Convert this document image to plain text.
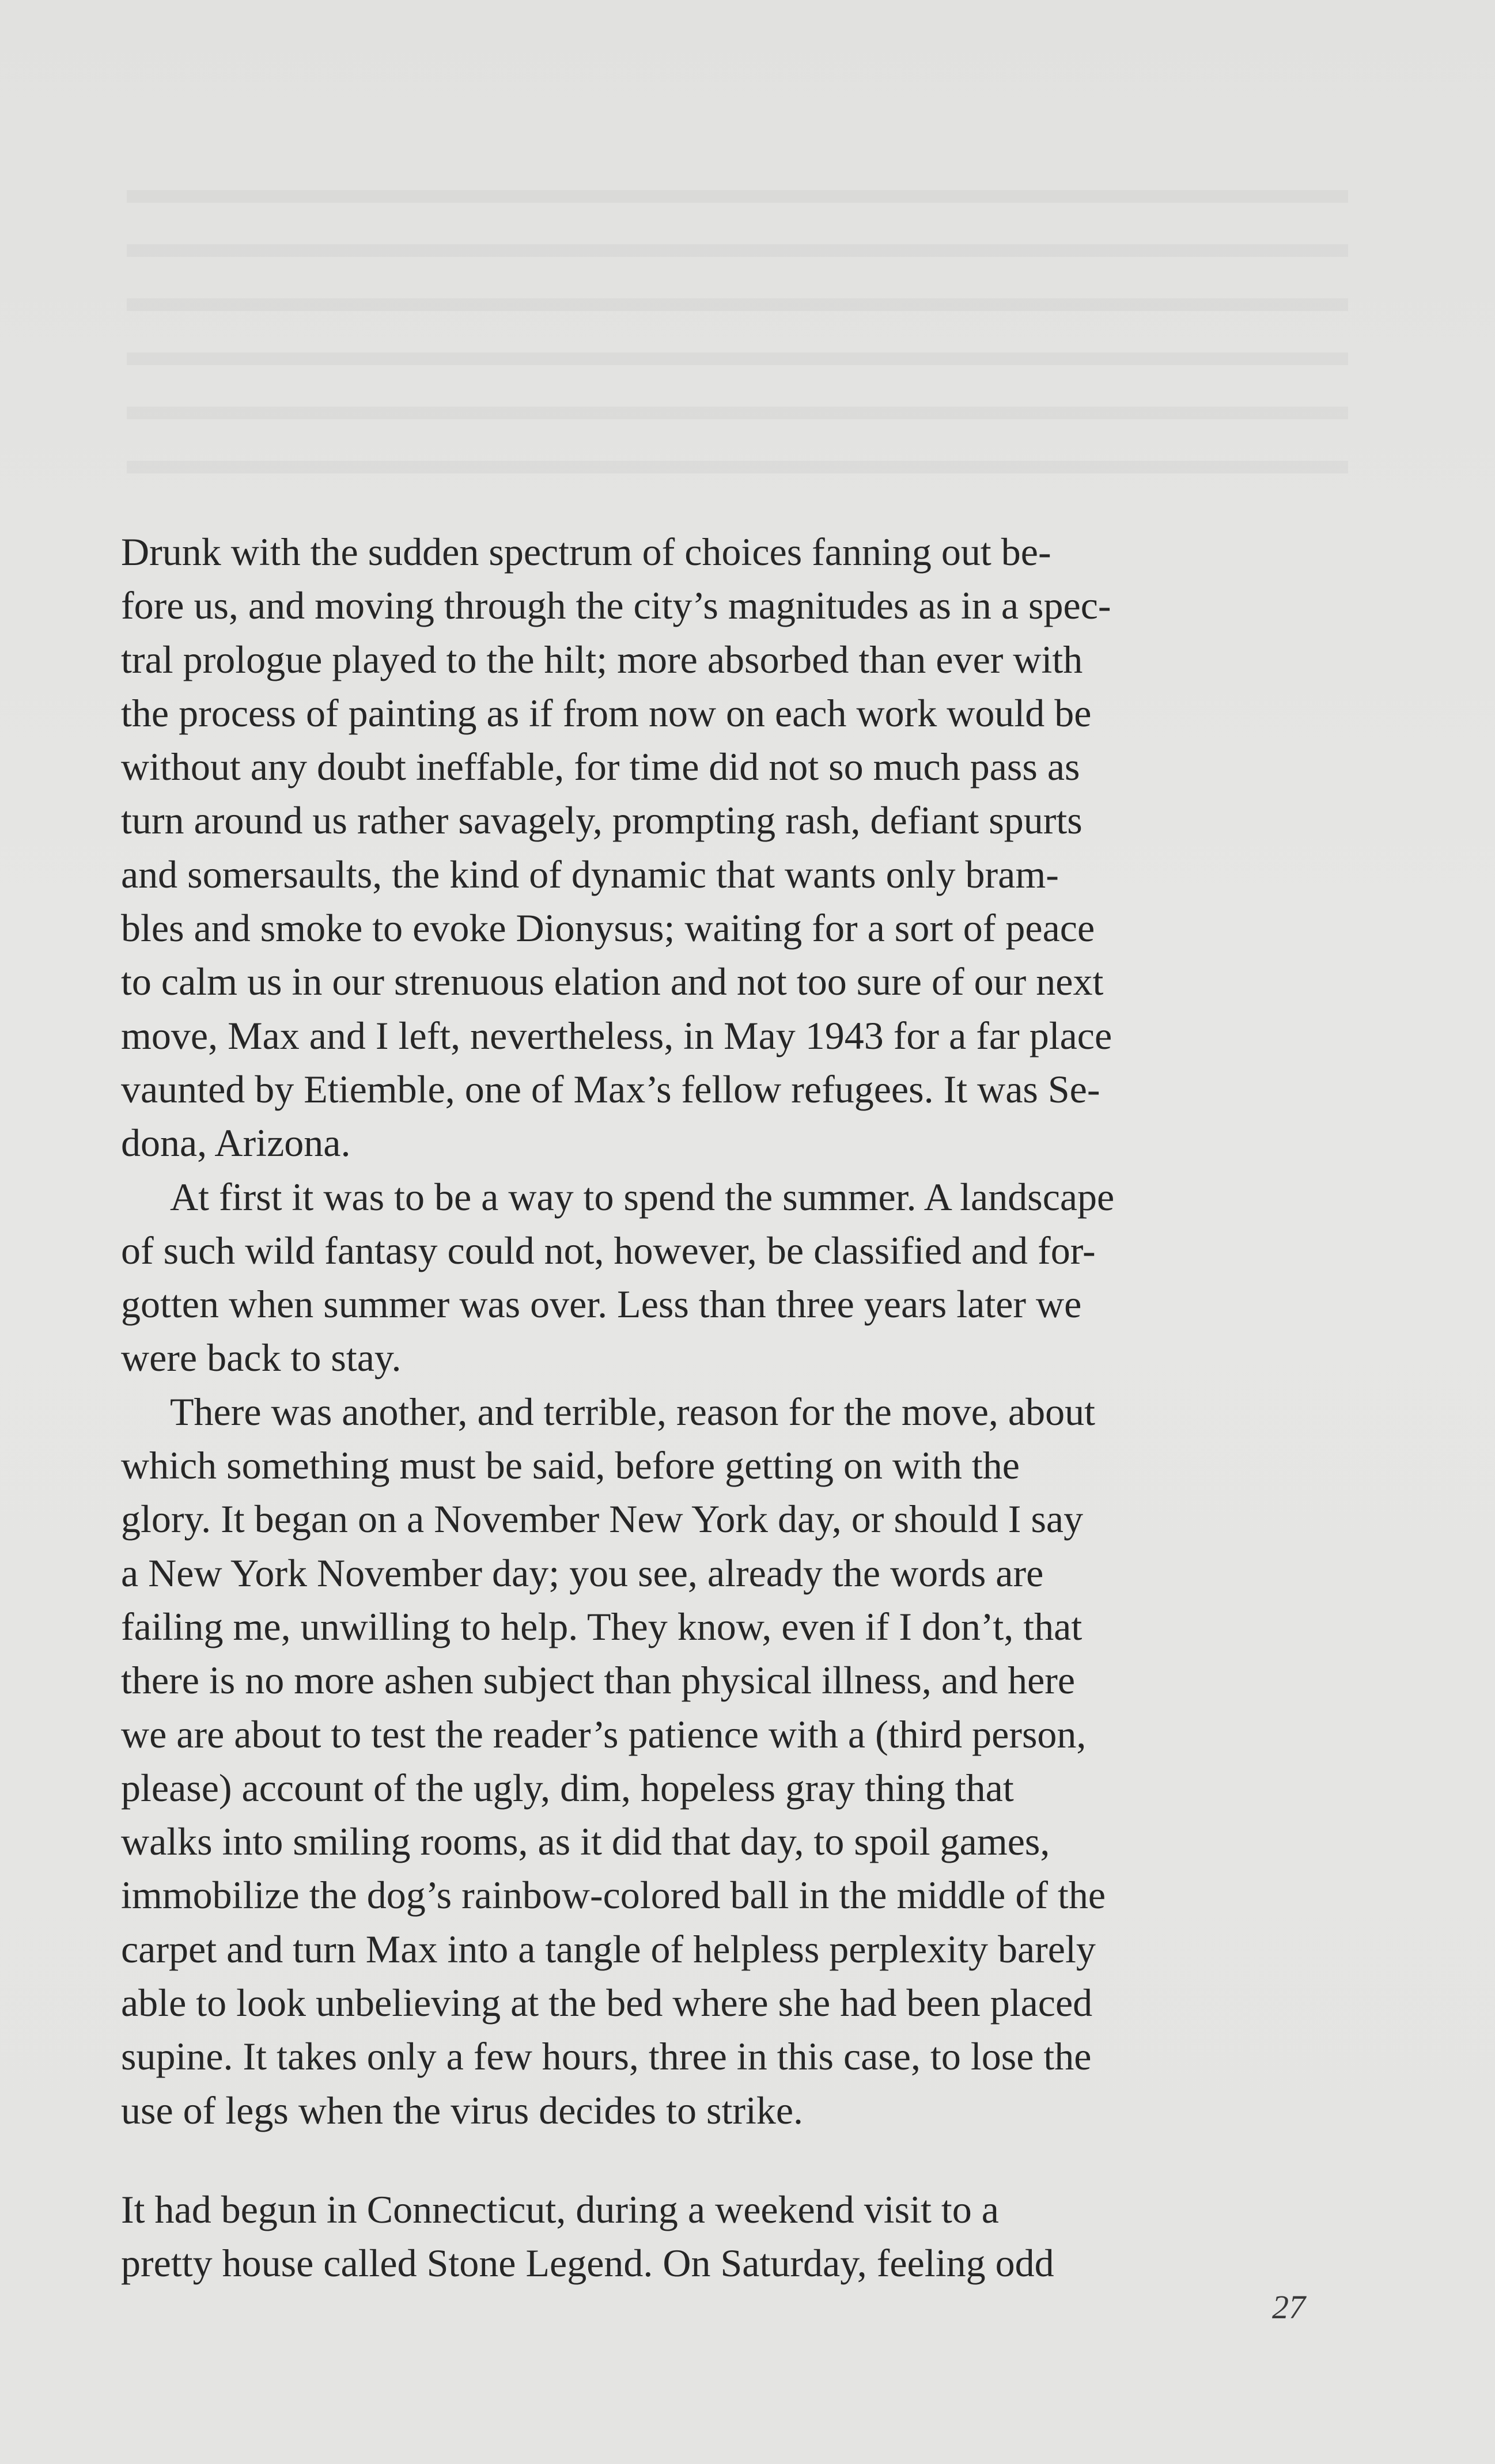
Drunk with the sudden spectrum of choices fanning out be-
fore us, and moving through the city’s magnitudes as in a spec-
tral prologue played to the hilt; more absorbed than ever with
the process of painting as if from now on each work would be
without any doubt ineffable, for time did not so much pass as
turn around us rather savagely, prompting rash, defiant spurts
and somersaults, the kind of dynamic that wants only bram-
bles and smoke to evoke Dionysus; waiting for a sort of peace
to calm us in our strenuous elation and not too sure of our next
move, Max and I left, nevertheless, in May 1943 for a far place
vaunted by Etiemble, one of Max’s fellow refugees. It was Se-
dona, Arizona.
At first it was to be a way to spend the summer. A landscape
of such wild fantasy could not, however, be classified and for-
gotten when summer was over. Less than three years later we
were back to stay.
There was another, and terrible, reason for the move, about
which something must be said, before getting on with the
glory. It began on a November New York day, or should I say
a New York November day; you see, already the words are
failing me, unwilling to help. They know, even if I don’t, that
there is no more ashen subject than physical illness, and here
we are about to test the reader’s patience with a (third person,
please) account of the ugly, dim, hopeless gray thing that
walks into smiling rooms, as it did that day, to spoil games,
immobilize the dog’s rainbow-colored ball in the middle of the
carpet and turn Max into a tangle of helpless perplexity barely
able to look unbelieving at the bed where she had been placed
supine. It takes only a few hours, three in this case, to lose the
use of legs when the virus decides to strike.
It had begun in Connecticut, during a weekend visit to a
pretty house called Stone Legend. On Saturday, feeling odd
27
